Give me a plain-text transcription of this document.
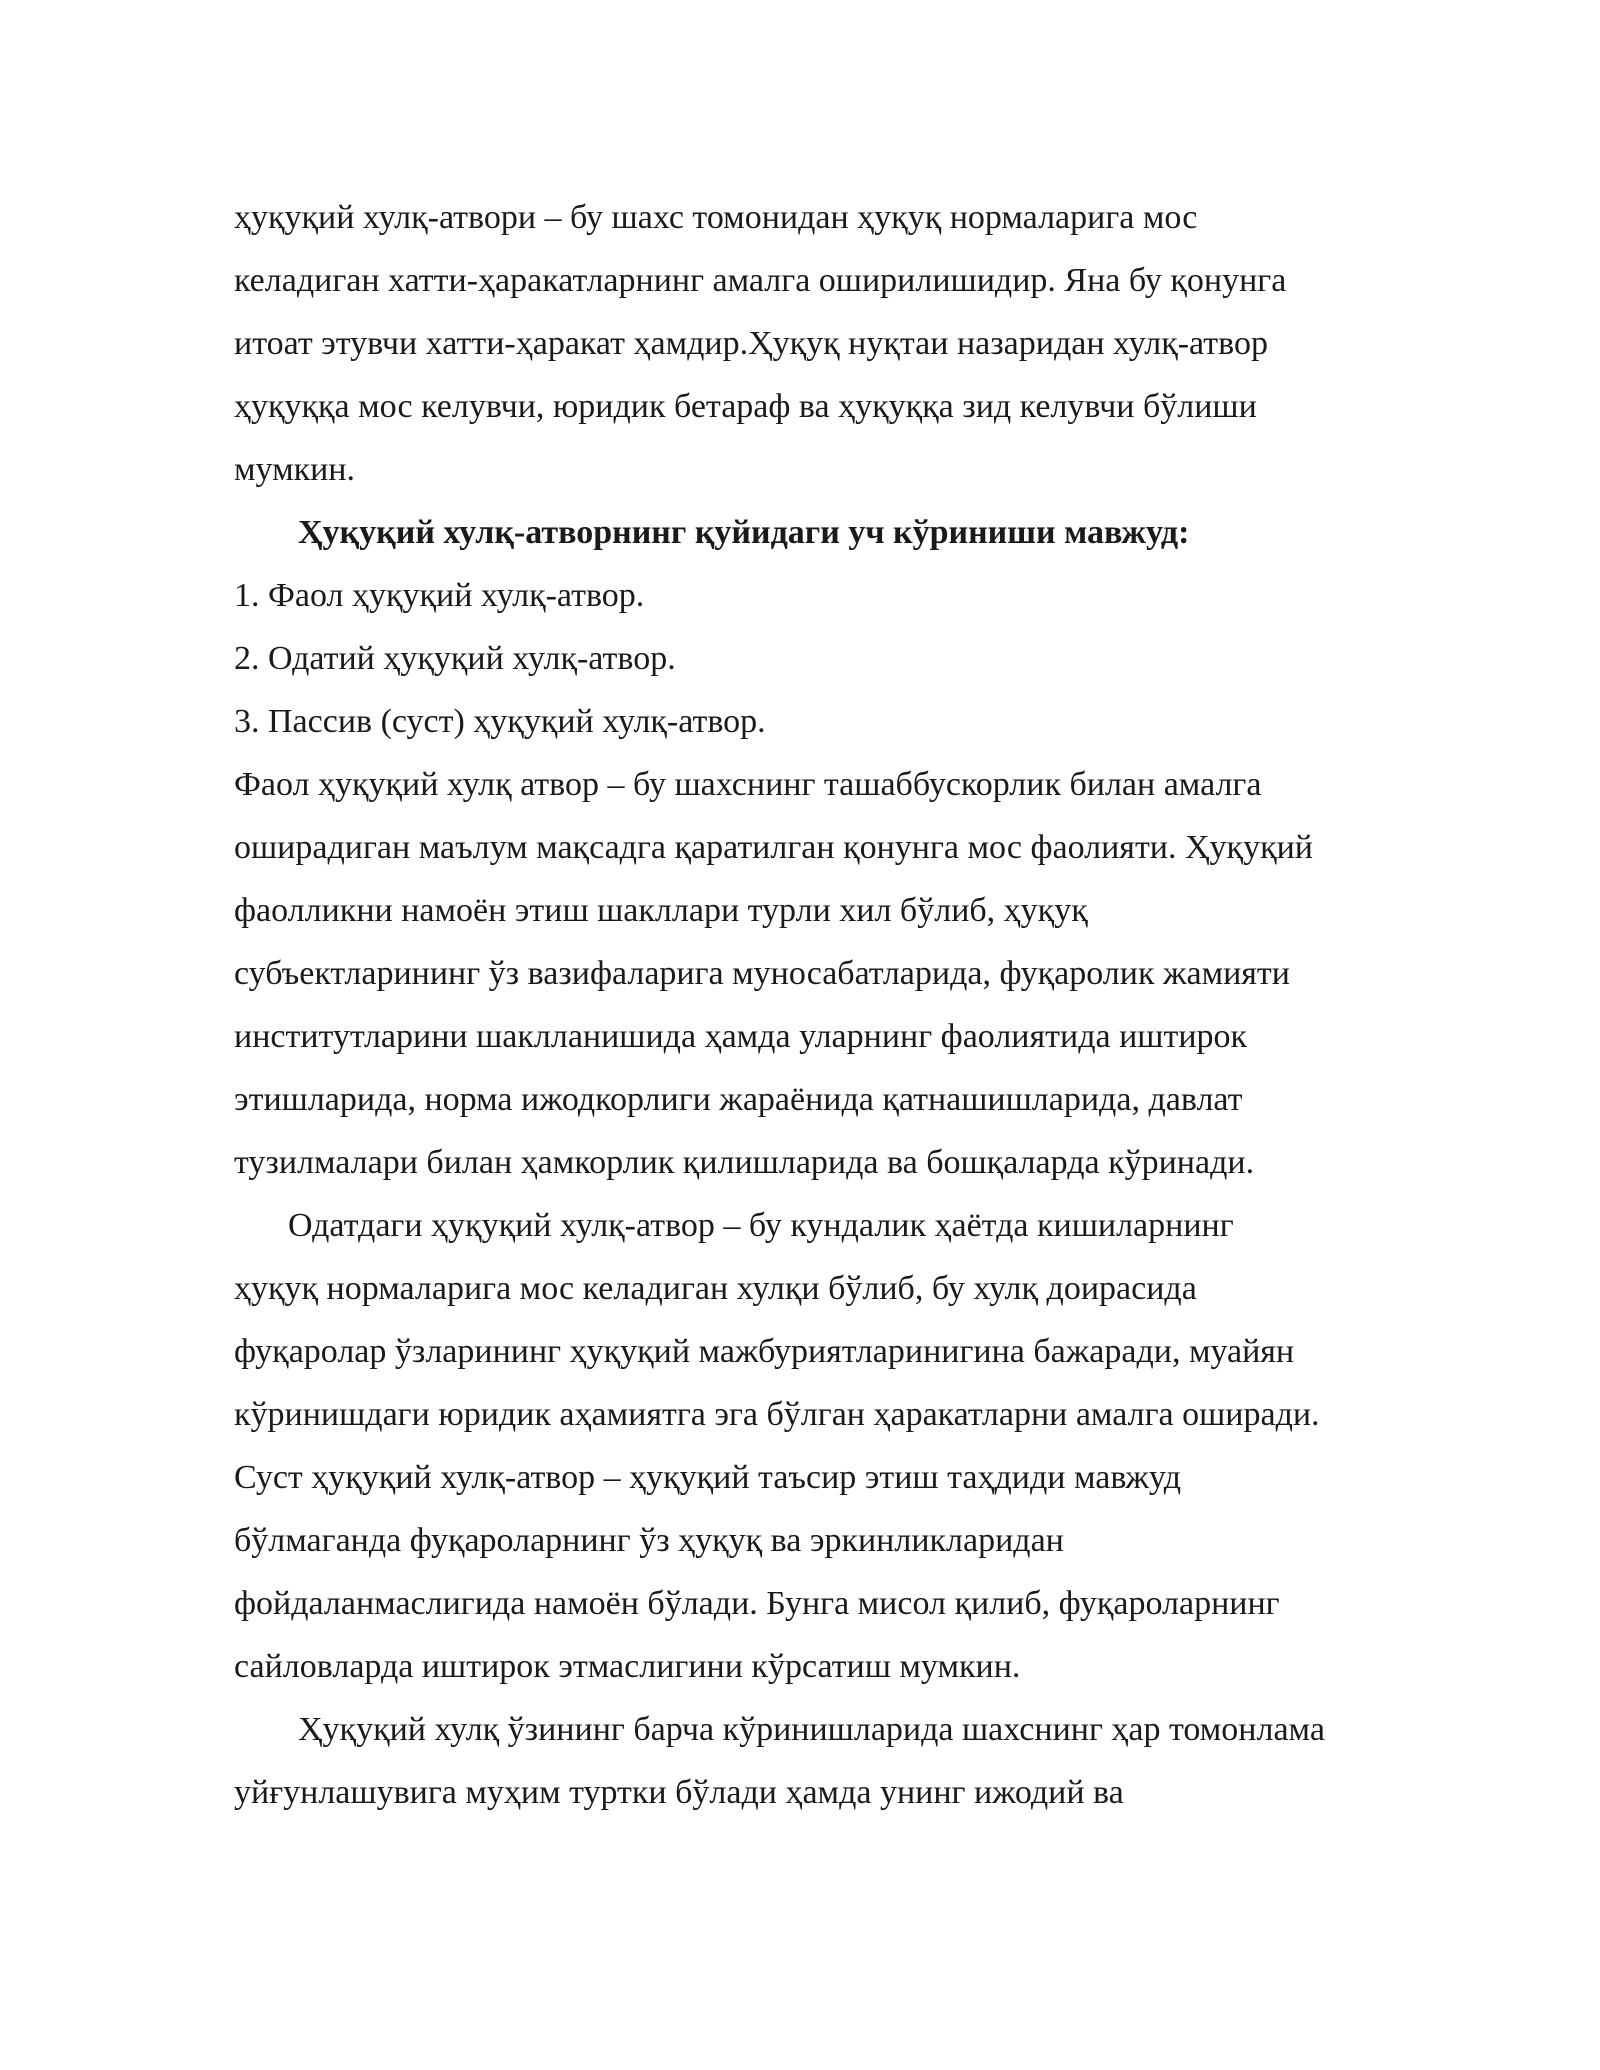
ҳуқуқий хулқ-атвори – бу шахс томонидан ҳуқуқ нормаларига мос
келадиган хатти-ҳаракатларнинг амалга оширилишидир. Яна бу қонунга
итоат этувчи хатти-ҳаракат ҳамдир.Ҳуқуқ нуқтаи назаридан хулқ-атвор
ҳуқуққа мос келувчи, юридик бетараф ва ҳуқуққа зид келувчи бўлиши
мумкин.
Ҳуқуқий хулқ-атворнинг қуйидаги уч кўриниши мавжуд:
1. Фаол ҳуқуқий хулқ-атвор.
2. Одатий ҳуқуқий хулқ-атвор.
3. Пассив (суст) ҳуқуқий хулқ-атвор.
Фаол ҳуқуқий хулқ атвор – бу шахснинг ташаббускорлик билан амалга
оширадиган маълум мақсадга қаратилган қонунга мос фаолияти. Ҳуқуқий
фаолликни намоён этиш шакллари турли хил бўлиб, ҳуқуқ
субъектларининг ўз вазифаларига муносабатларида, фуқаролик жамияти
институтларини шаклланишида ҳамда уларнинг фаолиятида иштирок
этишларида, норма ижодкорлиги жараёнида қатнашишларида, давлат
тузилмалари билан ҳамкорлик қилишларида ва бошқаларда кўринади.
Одатдаги ҳуқуқий хулқ-атвор – бу кундалик ҳаётда кишиларнинг
ҳуқуқ нормаларига мос келадиган хулқи бўлиб, бу хулқ доирасида
фуқаролар ўзларининг ҳуқуқий мажбуриятларинигина бажаради, муайян
кўринишдаги юридик аҳамиятга эга бўлган ҳаракатларни амалга оширади.
Суст ҳуқуқий хулқ-атвор – ҳуқуқий таъсир этиш таҳдиди мавжуд
бўлмаганда фуқароларнинг ўз ҳуқуқ ва эркинликларидан
фойдаланмаслигида намоён бўлади. Бунга мисол қилиб, фуқароларнинг
сайловларда иштирок этмаслигини кўрсатиш мумкин.
Ҳуқуқий хулқ ўзининг барча кўринишларида шахснинг ҳар томонлама
уйғунлашувига муҳим туртки бўлади ҳамда унинг ижодий ва
